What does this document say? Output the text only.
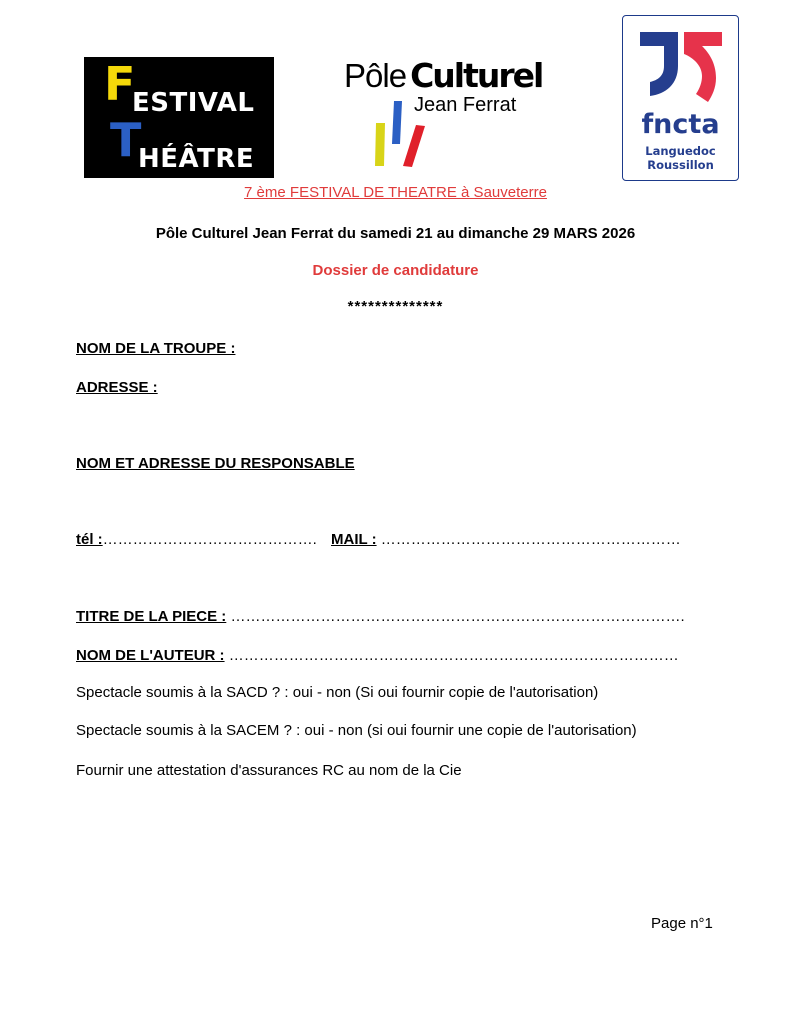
F
ESTIVAL
T
HÉÂTRE
Pôle Culturel
Jean Ferrat
fncta
Languedoc
Roussillon
7 ème FESTIVAL DE THEATRE à Sauveterre
Pôle Culturel Jean Ferrat du samedi 21 au dimanche 29 MARS 2026
Dossier de candidature
**************
NOM DE LA TROUPE :
ADRESSE :
NOM ET ADRESSE DU RESPONSABLE
tél :……………………………………. MAIL : ……………………………………………………
TITRE DE LA PIECE : ……………………………………………………………………………….
NOM DE L'AUTEUR : ………………………………………………………………………………
Spectacle soumis à la SACD ? : oui - non (Si oui fournir copie de l'autorisation)
Spectacle soumis à la SACEM ? : oui - non (si oui fournir une copie de l'autorisation)
Fournir une attestation d'assurances RC au nom de la Cie
Page n°1
